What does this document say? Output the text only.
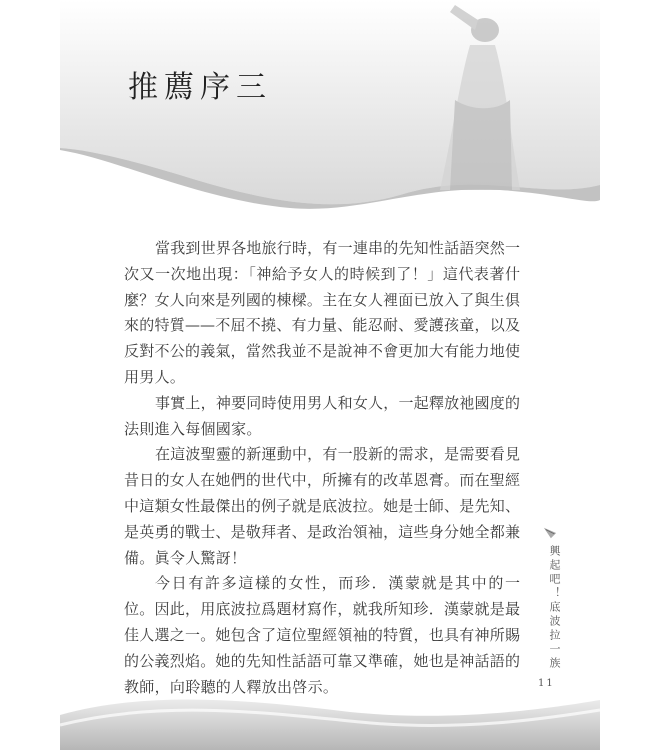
推薦序三
當我到世界各地旅行時，有一連串的先知性話語突然一
次又一次地出現：「神給予女人的時候到了！」這代表著什
麼？女人向來是列國的棟樑。主在女人裡面已放入了與生俱
來的特質——不屈不撓、有力量、能忍耐、愛護孩童，以及
反對不公的義氣，當然我並不是說神不會更加大有能力地使
用男人。
事實上，神要同時使用男人和女人，一起釋放祂國度的
法則進入每個國家。
在這波聖靈的新運動中，有一股新的需求，是需要看見
昔日的女人在她們的世代中，所擁有的改革恩膏。而在聖經
中這類女性最傑出的例子就是底波拉。她是士師、是先知、
是英勇的戰士、是敬拜者、是政治領袖，這些身分她全都兼
備。眞令人驚訝！
今日有許多這樣的女性，而珍．漢蒙就是其中的一
位。因此，用底波拉爲題材寫作，就我所知珍．漢蒙就是最
佳人選之一。她包含了這位聖經領袖的特質，也具有神所賜
的公義烈焰。她的先知性話語可靠又準確，她也是神話語的
教師，向聆聽的人釋放出啓示。
興起吧！底波拉一族
11
